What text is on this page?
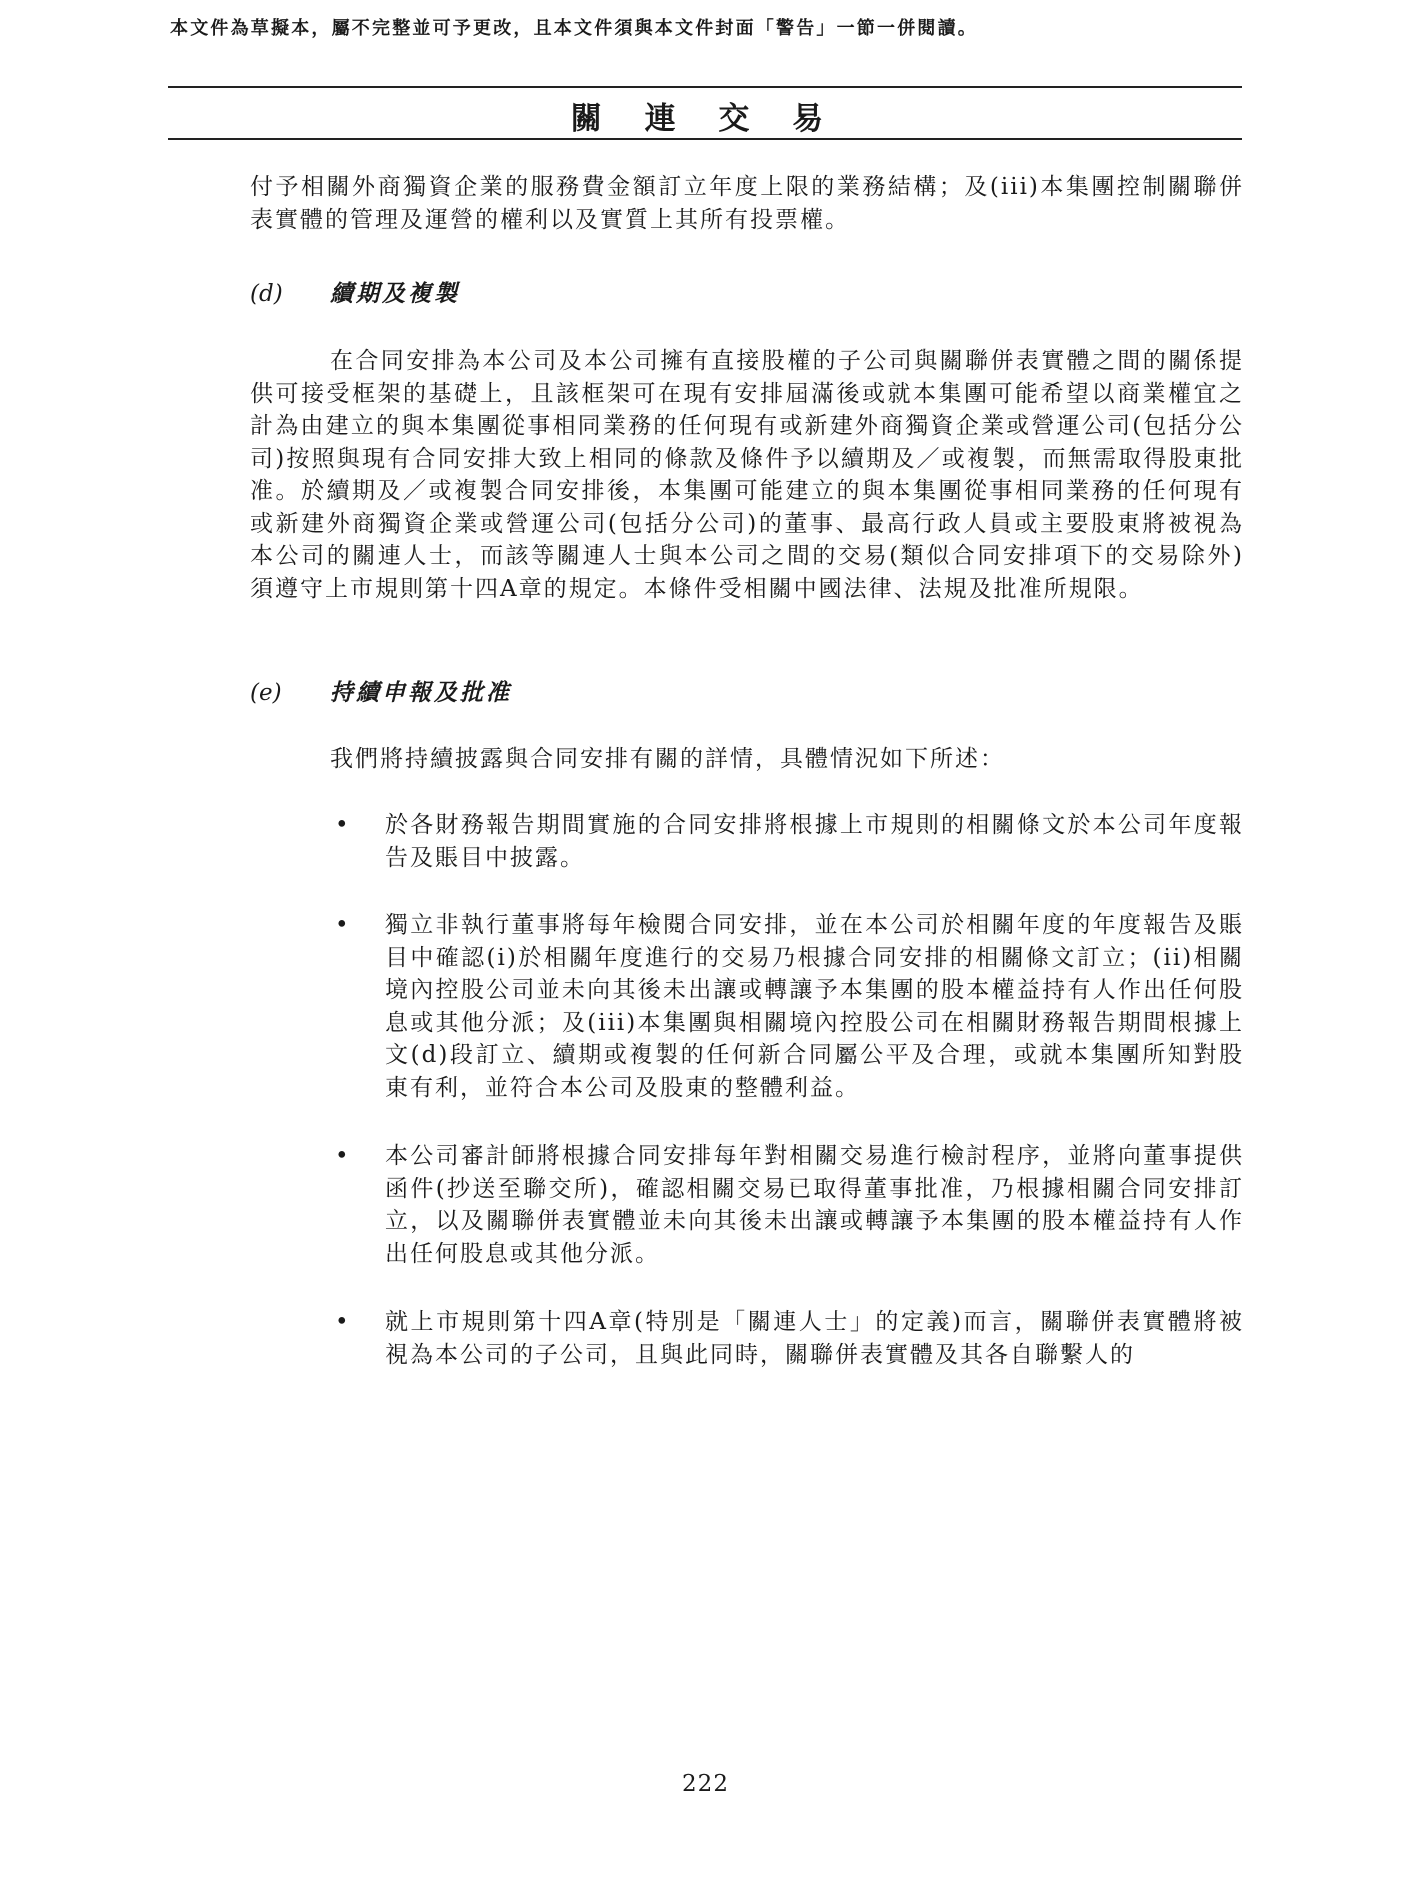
本文件為草擬本，屬不完整並可予更改，且本文件須與本文件封面「警告」一節一併閱讀。
關 連 交 易
付予相關外商獨資企業的服務費金額訂立年度上限的業務結構；及(iii)本集團控制關聯併表實體的管理及運營的權利以及實質上其所有投票權。
(d) 續期及複製
在合同安排為本公司及本公司擁有直接股權的子公司與關聯併表實體之間的關係提供可接受框架的基礎上，且該框架可在現有安排屆滿後或就本集團可能希望以商業權宜之計為由建立的與本集團從事相同業務的任何現有或新建外商獨資企業或營運公司(包括分公司)按照與現有合同安排大致上相同的條款及條件予以續期及／或複製，而無需取得股東批准。於續期及／或複製合同安排後，本集團可能建立的與本集團從事相同業務的任何現有或新建外商獨資企業或營運公司(包括分公司)的董事、最高行政人員或主要股東將被視為本公司的關連人士，而該等關連人士與本公司之間的交易(類似合同安排項下的交易除外)須遵守上市規則第十四A章的規定。本條件受相關中國法律、法規及批准所規限。
(e) 持續申報及批准
我們將持續披露與合同安排有關的詳情，具體情況如下所述：
• 於各財務報告期間實施的合同安排將根據上市規則的相關條文於本公司年度報告及賬目中披露。
• 獨立非執行董事將每年檢閱合同安排，並在本公司於相關年度的年度報告及賬目中確認(i)於相關年度進行的交易乃根據合同安排的相關條文訂立；(ii)相關境內控股公司並未向其後未出讓或轉讓予本集團的股本權益持有人作出任何股息或其他分派；及(iii)本集團與相關境內控股公司在相關財務報告期間根據上文(d)段訂立、續期或複製的任何新合同屬公平及合理，或就本集團所知對股東有利，並符合本公司及股東的整體利益。
• 本公司審計師將根據合同安排每年對相關交易進行檢討程序，並將向董事提供函件(抄送至聯交所)，確認相關交易已取得董事批准，乃根據相關合同安排訂立，以及關聯併表實體並未向其後未出讓或轉讓予本集團的股本權益持有人作出任何股息或其他分派。
• 就上市規則第十四A章(特別是「關連人士」的定義)而言，關聯併表實體將被視為本公司的子公司，且與此同時，關聯併表實體及其各自聯繫人的
222
